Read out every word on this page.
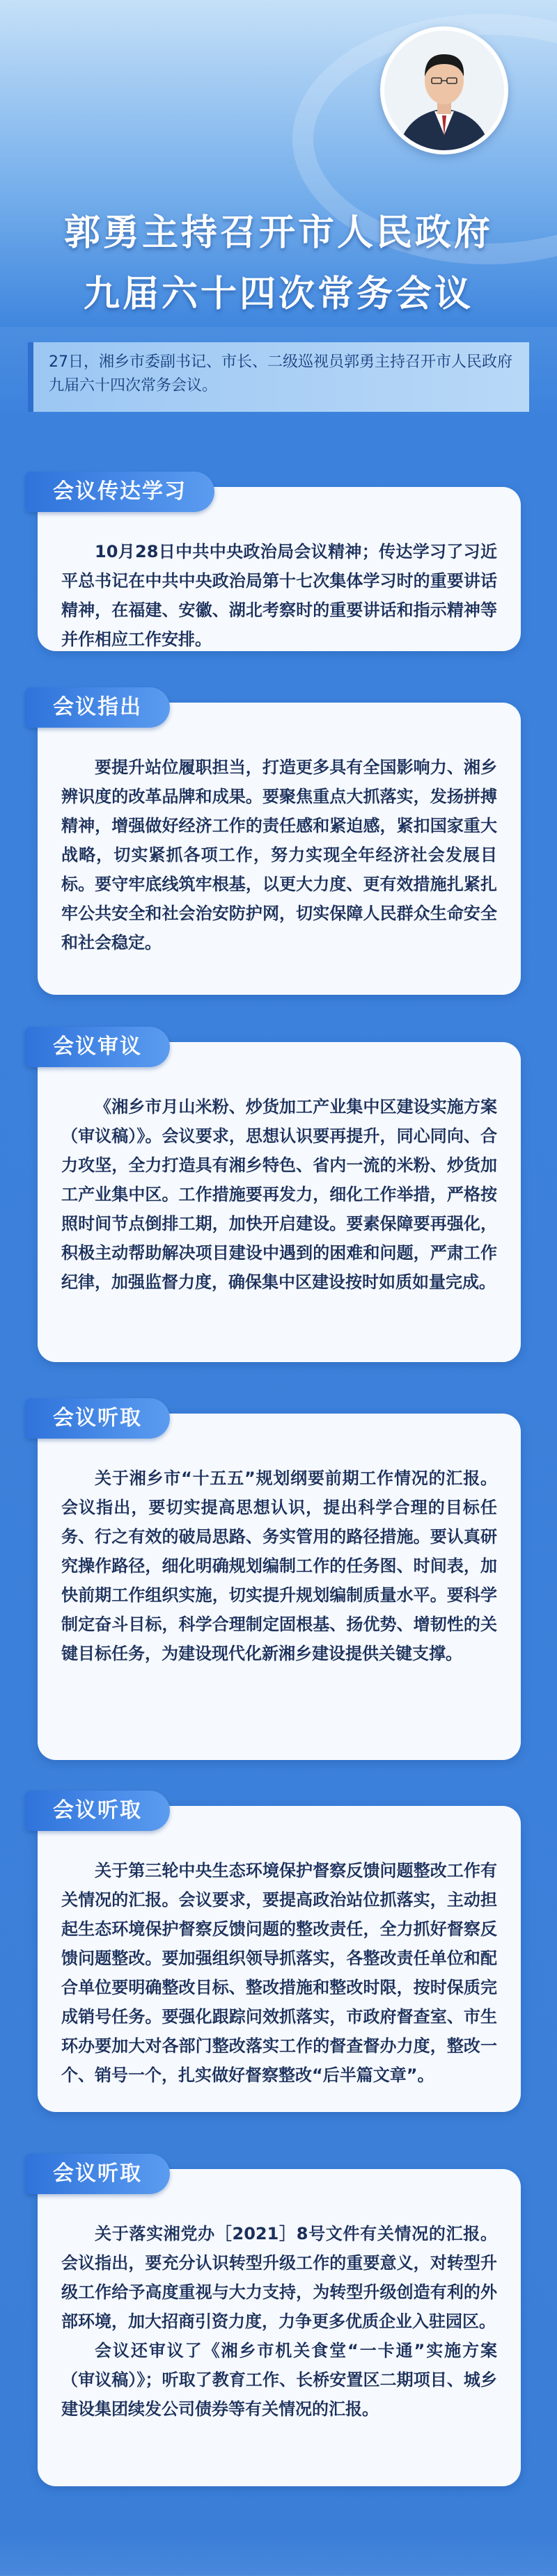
郭勇主持召开市人民政府
九届六十四次常务会议
27日，湘乡市委副书记、市长、二级巡视员郭勇主持召开市人民政府九届六十四次常务会议。
会议传达学习

10月28日中共中央政治局会议精神；传达学习了习近平总书记在中共中央政治局第十七次集体学习时的重要讲话精神，在福建、安徽、湖北考察时的重要讲话和指示精神等并作相应工作安排。

会议指出

要提升站位履职担当，打造更多具有全国影响力、湘乡辨识度的改革品牌和成果。要聚焦重点大抓落实，发扬拼搏精神，增强做好经济工作的责任感和紧迫感，紧扣国家重大战略，切实紧抓各项工作，努力实现全年经济社会发展目标。要守牢底线筑牢根基，以更大力度、更有效措施扎紧扎牢公共安全和社会治安防护网，切实保障人民群众生命安全和社会稳定。

会议审议

《湘乡市月山米粉、炒货加工产业集中区建设实施方案（审议稿）》。会议要求，思想认识要再提升，同心同向、合力攻坚，全力打造具有湘乡特色、省内一流的米粉、炒货加工产业集中区。工作措施要再发力，细化工作举措，严格按照时间节点倒排工期，加快开启建设。要素保障要再强化，积极主动帮助解决项目建设中遇到的困难和问题，严肃工作纪律，加强监督力度，确保集中区建设按时如质如量完成。

会议听取

关于湘乡市“十五五”规划纲要前期工作情况的汇报。会议指出，要切实提高思想认识，提出科学合理的目标任务、行之有效的破局思路、务实管用的路径措施。要认真研究操作路径，细化明确规划编制工作的任务图、时间表，加快前期工作组织实施，切实提升规划编制质量水平。要科学制定奋斗目标，科学合理制定固根基、扬优势、增韧性的关键目标任务，为建设现代化新湘乡建设提供关键支撑。

会议听取

关于第三轮中央生态环境保护督察反馈问题整改工作有关情况的汇报。会议要求，要提高政治站位抓落实，主动担起生态环境保护督察反馈问题的整改责任，全力抓好督察反馈问题整改。要加强组织领导抓落实，各整改责任单位和配合单位要明确整改目标、整改措施和整改时限，按时保质完成销号任务。要强化跟踪问效抓落实，市政府督查室、市生环办要加大对各部门整改落实工作的督查督办力度，整改一个、销号一个，扎实做好督察整改“后半篇文章”。

会议听取

关于落实湘党办［2021］8号文件有关情况的汇报。会议指出，要充分认识转型升级工作的重要意义，对转型升级工作给予高度重视与大力支持，为转型升级创造有利的外部环境，加大招商引资力度，力争更多优质企业入驻园区。

会议还审议了《湘乡市机关食堂“一卡通”实施方案（审议稿）》；听取了教育工作、长桥安置区二期项目、城乡建设集团续发公司债券等有关情况的汇报。
